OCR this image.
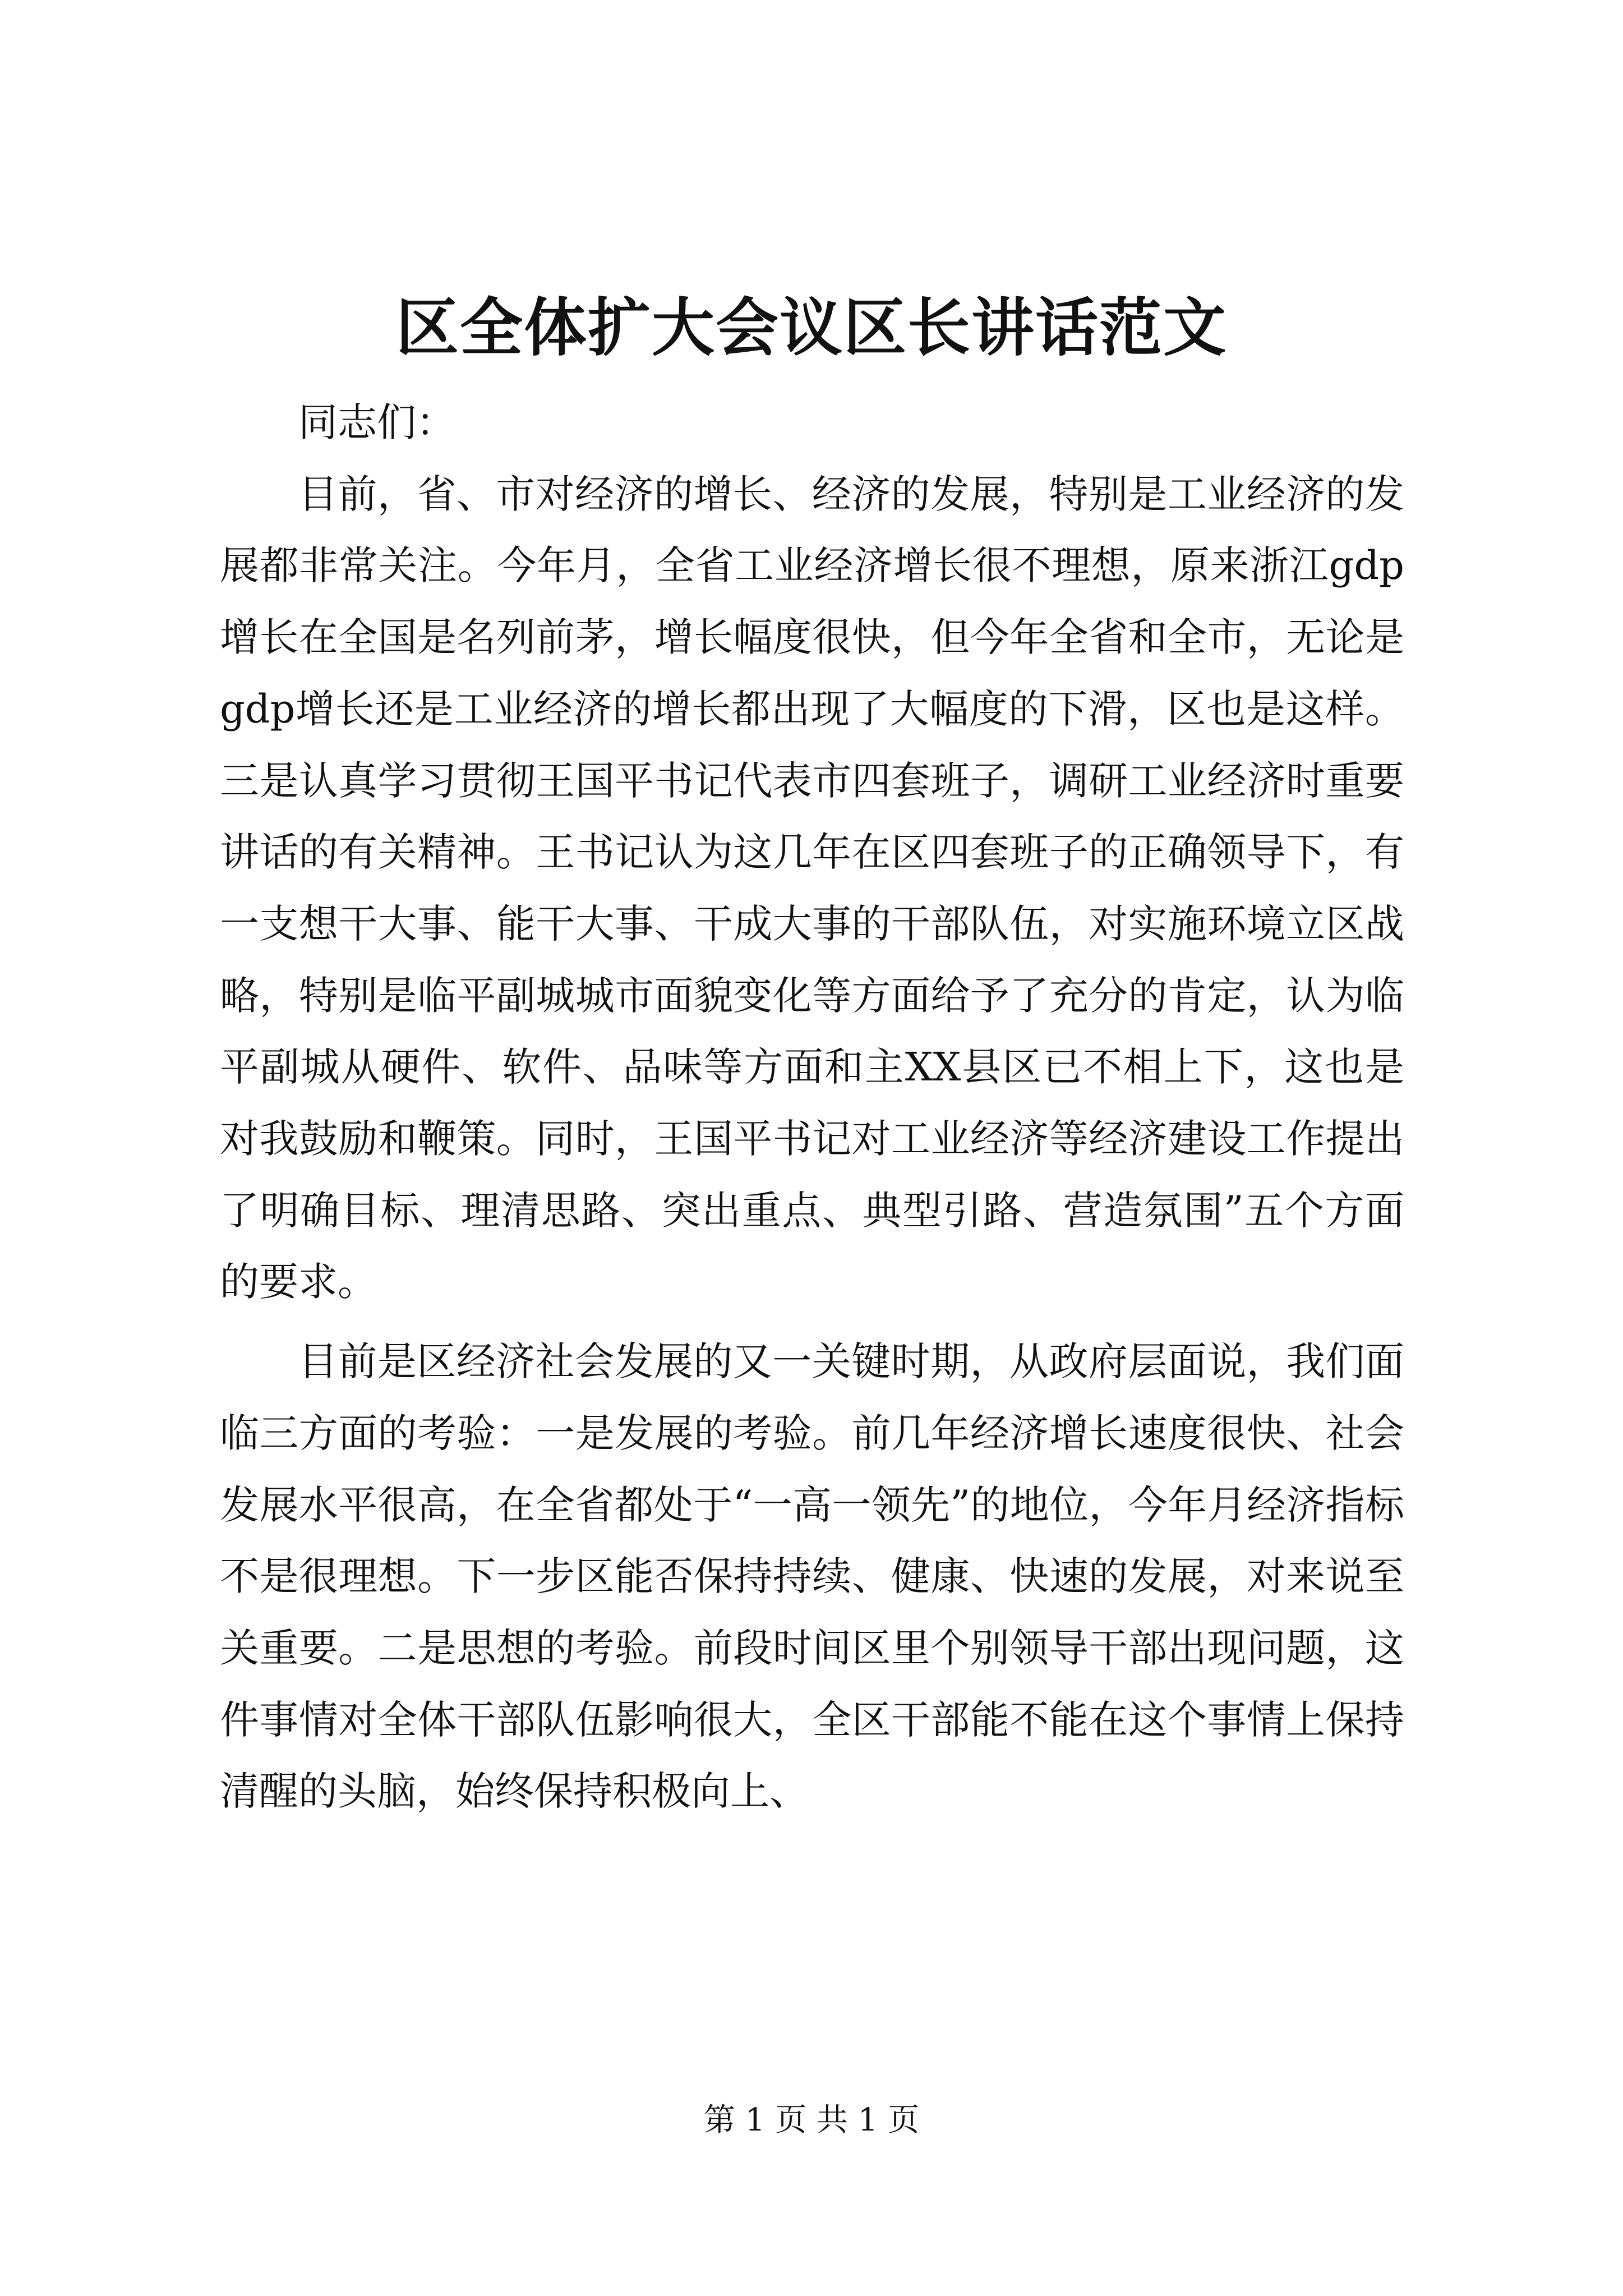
区全体扩大会议区长讲话范文

同志们：

目前，省、市对经济的增长、经济的发展，特别是工业经济的发展都非常关注。今年月，全省工业经济增长很不理想，原来浙江gdp增长在全国是名列前茅，增长幅度很快，但今年全省和全市，无论是gdp增长还是工业经济的增长都出现了大幅度的下滑，区也是这样。三是认真学习贯彻王国平书记代表市四套班子，调研工业经济时重要讲话的有关精神。王书记认为这几年在区四套班子的正确领导下，有一支想干大事、能干大事、干成大事的干部队伍，对实施环境立区战略，特别是临平副城城市面貌变化等方面给予了充分的肯定，认为临平副城从硬件、软件、品味等方面和主XX县区已不相上下，这也是对我鼓励和鞭策。同时，王国平书记对工业经济等经济建设工作提出了明确目标、理清思路、突出重点、典型引路、营造氛围”五个方面的要求。

目前是区经济社会发展的又一关键时期，从政府层面说，我们面临三方面的考验：一是发展的考验。前几年经济增长速度很快、社会发展水平很高，在全省都处于“一高一领先”的地位，今年月经济指标不是很理想。下一步区能否保持持续、健康、快速的发展，对来说至关重要。二是思想的考验。前段时间区里个别领导干部出现问题，这件事情对全体干部队伍影响很大，全区干部能不能在这个事情上保持清醒的头脑，始终保持积极向上、

第 1 页 共 1 页
